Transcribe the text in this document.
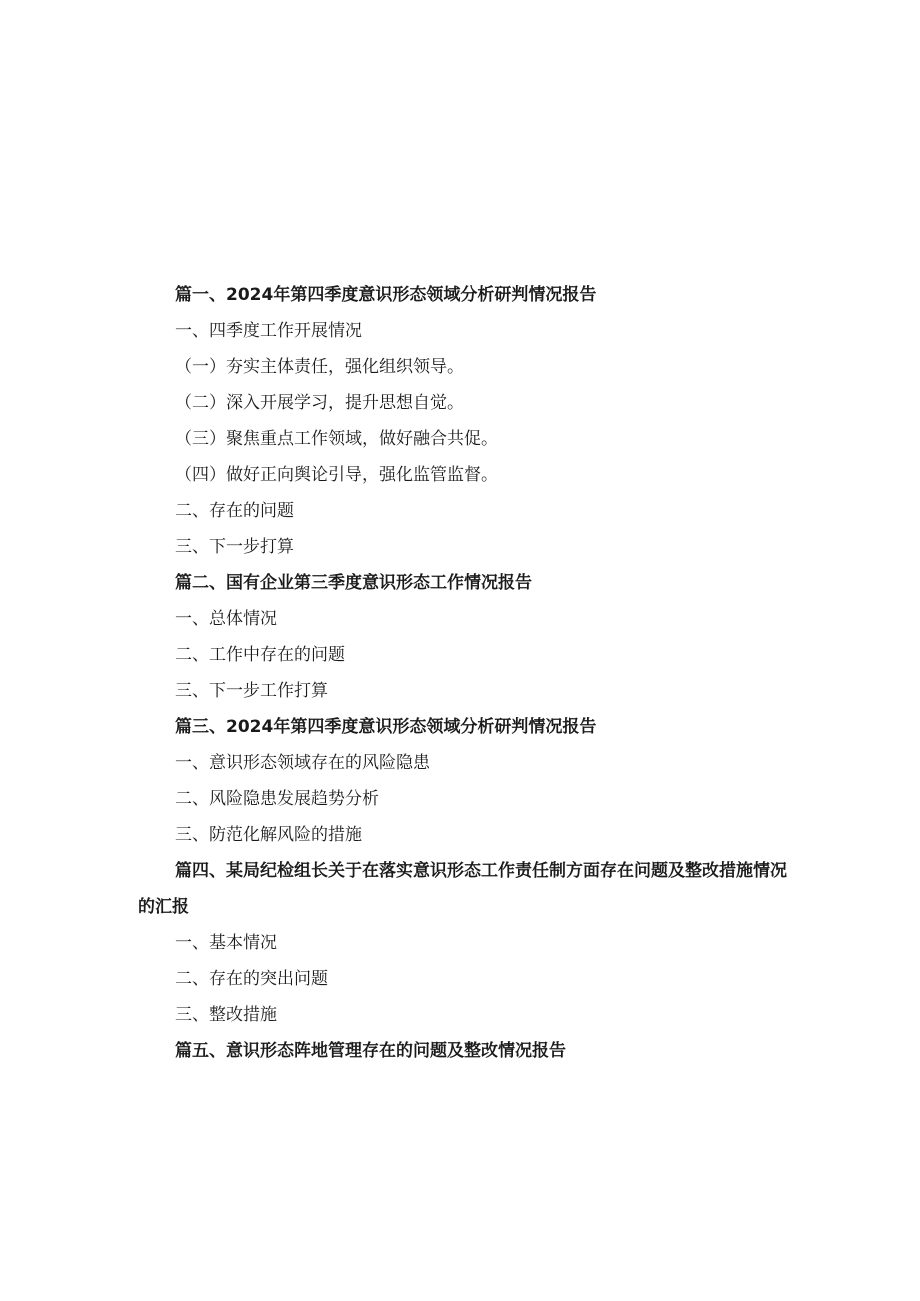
篇一、2024年第四季度意识形态领域分析研判情况报告
一、四季度工作开展情况
（一）夯实主体责任，强化组织领导。
（二）深入开展学习，提升思想自觉。
（三）聚焦重点工作领域，做好融合共促。
（四）做好正向舆论引导，强化监管监督。
二、存在的问题
三、下一步打算
篇二、国有企业第三季度意识形态工作情况报告
一、总体情况
二、工作中存在的问题
三、下一步工作打算
篇三、2024年第四季度意识形态领域分析研判情况报告
一、意识形态领域存在的风险隐患
二、风险隐患发展趋势分析
三、防范化解风险的措施
篇四、某局纪检组长关于在落实意识形态工作责任制方面存在问题及整改措施情况的汇报
一、基本情况
二、存在的突出问题
三、整改措施
篇五、意识形态阵地管理存在的问题及整改情况报告
